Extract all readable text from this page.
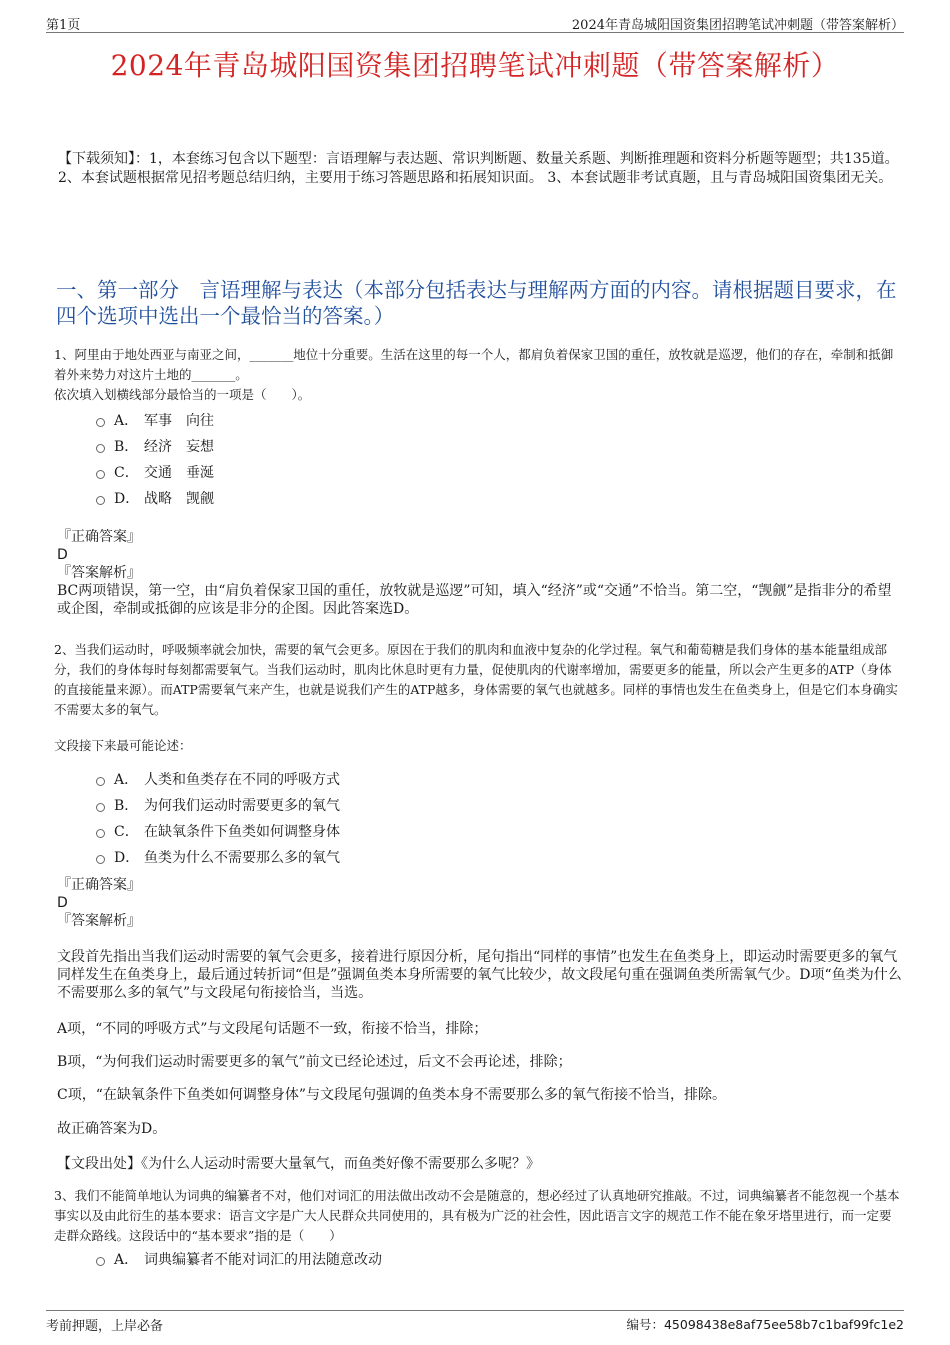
第1页	2024年青岛城阳国资集团招聘笔试冲刺题（带答案解析）
2024年青岛城阳国资集团招聘笔试冲刺题（带答案解析）
【下载须知】：1，本套练习包含以下题型：言语理解与表达题、常识判断题、数量关系题、判断推理题和资料分析题等题型；共135道。 2、本套试题根据常见招考题总结归纳，主要用于练习答题思路和拓展知识面。 3、本套试题非考试真题，且与青岛城阳国资集团无关。
一、第一部分　言语理解与表达（本部分包括表达与理解两方面的内容。请根据题目要求，在四个选项中选出一个最恰当的答案。）
1、阿里由于地处西亚与南亚之间，_______地位十分重要。生活在这里的每一个人，都肩负着保家卫国的重任，放牧就是巡逻，他们的存在，牵制和抵御着外来势力对这片土地的_______。
依次填入划横线部分最恰当的一项是（　　）。
A． 军事　向往
B． 经济　妄想
C． 交通　垂涎
D． 战略　觊觎
『正确答案』
D
『答案解析』
BC两项错误，第一空，由“肩负着保家卫国的重任，放牧就是巡逻”可知，填入“经济”或“交通”不恰当。第二空，“觊觎”是指非分的希望或企图，牵制或抵御的应该是非分的企图。因此答案选D。
2、当我们运动时，呼吸频率就会加快，需要的氧气会更多。原因在于我们的肌肉和血液中复杂的化学过程。氧气和葡萄糖是我们身体的基本能量组成部分，我们的身体每时每刻都需要氧气。当我们运动时，肌肉比休息时更有力量，促使肌肉的代谢率增加，需要更多的能量，所以会产生更多的ATP（身体的直接能量来源）。而ATP需要氧气来产生，也就是说我们产生的ATP越多，身体需要的氧气也就越多。同样的事情也发生在鱼类身上，但是它们本身确实不需要太多的氧气。
文段接下来最可能论述：
A． 人类和鱼类存在不同的呼吸方式
B． 为何我们运动时需要更多的氧气
C． 在缺氧条件下鱼类如何调整身体
D． 鱼类为什么不需要那么多的氧气
『正确答案』
D
『答案解析』
文段首先指出当我们运动时需要的氧气会更多，接着进行原因分析，尾句指出“同样的事情”也发生在鱼类身上，即运动时需要更多的氧气同样发生在鱼类身上，最后通过转折词“但是”强调鱼类本身所需要的氧气比较少，故文段尾句重在强调鱼类所需氧气少。D项“鱼类为什么不需要那么多的氧气”与文段尾句衔接恰当，当选。
A项，“不同的呼吸方式”与文段尾句话题不一致，衔接不恰当，排除；
B项，“为何我们运动时需要更多的氧气”前文已经论述过，后文不会再论述，排除；
C项，“在缺氧条件下鱼类如何调整身体”与文段尾句强调的鱼类本身不需要那么多的氧气衔接不恰当，排除。
故正确答案为D。
【文段出处】《为什么人运动时需要大量氧气，而鱼类好像不需要那么多呢？》
3、我们不能简单地认为词典的编纂者不对，他们对词汇的用法做出改动不会是随意的，想必经过了认真地研究推敲。不过，词典编纂者不能忽视一个基本事实以及由此衍生的基本要求：语言文字是广大人民群众共同使用的，具有极为广泛的社会性，因此语言文字的规范工作不能在象牙塔里进行，而一定要走群众路线。这段话中的“基本要求”指的是（　　）
A． 词典编纂者不能对词汇的用法随意改动
考前押题，上岸必备	编号：45098438e8af75ee58b7c1baf99fc1e2
